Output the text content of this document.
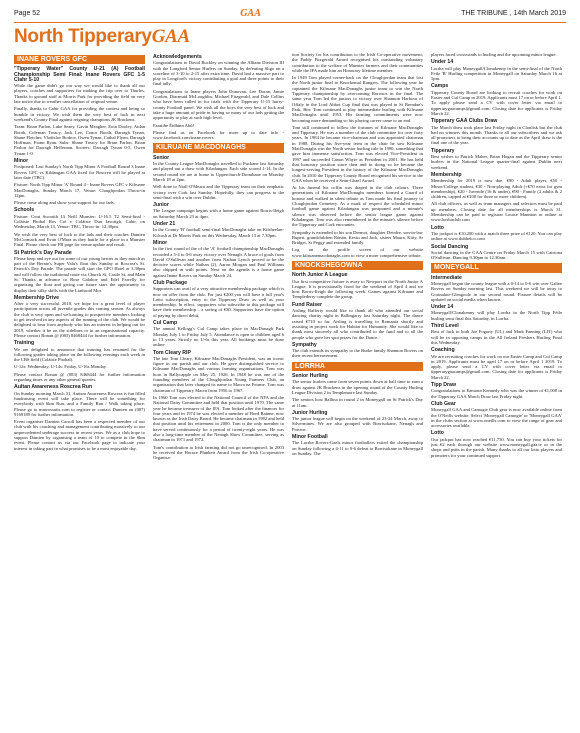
Page 52	GAA	THE TRIBUNE , 14th March 2019
North TipperaryGAA
INANE ROVERS GFC
"Tipperary Water" County U-21 (A) Football Championship Semi Final: Inane Rovers GFC 1-5 Clahr 5-10
While the game didn't go our way we would like to thank all our players, coaches and supporters for making the trip over to Thurles. Thanks to ground staff at Morris Park for providing the field on very late notice due to weather cancellation of original venue.
Finally, thanks to Cahir GAA for providing the contest and being so humble in victory. We wish them the very best of luck in next weekend's County Final against reigning champions JK Brackens.
Team: Brian Parlon, Luke Seaey, Gavin Meagher, Eoin Dooley, Aidan Booth, Coleman Treacy, Jack Lee, Conor Booth, Darragh Tynan, Shane Fletcher, Vladislav Bodrov, Owen Tynan, Cathal Flynn, Darragh Hoffman, Fionn Ryan. Subs: Shane Treacy for Brian Parlon, Brian Parlon for Darragh Heffernan. Scorers: Darragh Tynan 0-5, Owen Tynan 1-0.
Minor
Postponed: Last Sunday's North Tipp Minor A Football Round 3 Inane Rovers GFC vs Kildangan GAA fixed for Roscrea will be played at later date (TBC).
Fixture: North Tipp Minor 'A' Round 4 - Inane Rovers GFC v Kilruane MacDonaghs, Sunday March 17, Venue: Cloughjordan Throw-in 12pm.
Please come along and show your support for our lads.
Schools
Fixture: Cont Scoraith Uí Neill Munster: U-16.5 T2 Semi-final - Coláiste Phobal Ros Cré v Coláiste Dun Iascaigh, Cahir, on Wednesday, March 13, Venue: TBC, Throw-in: 12.30pm.
We wish the very best of luck to the lads and their coaches Damien McCormack and Evan O'Mara as they battle for a place in a Munster Final. Please check our FB page for venue update and result.
St Patrick's Day Parade
Please keep and eye out for some of our young heroes as they march as part of the Bernie's Super Valu's float this Sunday at Roscrea's St. Patrick's Day Parade. The parade will start the GPO Hotel at 3.30pm and will follow the traditional route via Church St, Castle St, and Main St. Thanks in advance to Rose Galahoe and Edel Farrelly for organising the float and giving our future stars the opportunity to display their silky skills with the Liathroid Mor.
Membership Drive
After a very successful 2018, we hope for a great level of player participation across all juvenile grades this coming season. As always the club is very open and welcoming to prospective members looking to get involved in any aspects of the running of the club. We would be delighted to hear from anybody who has an interest in helping out for 2019, whether it be on the sidelines or in an organisational capacity. Please contact Ronan @ (083) 8468444 for further information.
Training
We are delighted to announce that training has resumed for the following grades taking place on the following evenings each week in the CBS field (Coláiste Phobal).
U-12s: Wednesday, U-14s: Friday, U-16s Monday.
Please contact Ronan @ (083) 8468444 for further information regarding times or any other general queries.
Aultan Awareness Roscrea Run
On Sunday morning March 31, Autism Awareness Roscrea is fun filled fundraising event will take place. There will be something for everybody with 6km Run, and a Family Run / Walk taking place. Please go to mrnrossuits.com to register or contact Damien on (087) 9169189 for further information.
Event organiser Damien Carroll has been a respected member of our club with his coaching and management contributing massively to our unprecedented underage success in recent years. We as a club hope to support Damien by organising a team of 10 to compete in the 6km event. Please contact us via our Facebook page to indicate your interest in taking part in what promises to be a most enjoyable day.
Acknowledgements
Congratulations to David Buckley on winning the Allianz Division III with the Longford Senior Hurlers on Sunday, by defeating Sligo on a scoreline of 3-10 to 2-15 after extra time. David had a massive part to play in Longford's victory contributing a goal and three points to their final tally.
Congratulations to Inane players John Donovan, Lee Doran, Jamie Gordon, Diarmuid McLoughlin, Michael Fitzgerald, and Dale Collins who have been called in for trials with the Tipperary U-15 hurry-county Football panel. We wish all the boys the very best of luck and take a huge amount of pride in having so many of our lads getting the opportunity to play at such high level.
Faraithe Éidhinn Abú!
Please find us on Facebook for more up to date info - www.facebook.com/inane.rovers
KILRUANE MACDONAGHS
Senior
In the County League MacDonaghs travelled to Puckane last Saturday and played out a draw with Kiladangan. Each side scored 1-14. In the second round we are at home to Upperchurch-Drombane on Monday March 18 at 2pm.
Well done to Niall O'Meara and the Tipperary team on their emphatic victory over Cork last Sunday. Hopefully, they can progress to the semi-final with a win over Dublin.
Junior
The League campaign begins with a home game against Borris-Ileigh on Saturday March 23 at 4pm.
Under 21
In the County 'B' football semi-final MacDonaghs take on Kilsheelan-Kilcash at Dr Morris Park on this Wednesday, March 13 at 7.30pm.
Minor
In the first round of the of the 'A' football championship MacDonaghs recorded a 5-4 to 0-6 away victory over Nenagh. A brace of goals from David O'Sullivan and another from Nathan Lynch proved to be the decisive scores while Nathan (2), Aaron Morgan and Paul Williams also chipped in with points. Next on the agenda is a home game against Inane Rovers on Sunday March 24.
Club Package
Supporters can avail of a very attractive membership package which is now on offer from the club. For just €200 you will have a full year's Lotto subscription, entry to the Tipperary Draw as well as your membership. In effect, supporters who subscribe to this package will have their membership – a saving of €30. Supporters have the option of paying by direct debit.
Cul Camp
The annual Kellogg's Cul Camp takes place in MacDonagh Park Monday July 1 to Friday July 5. Attendance is open to children aged 6 to 13 years. Strictly no U-6s this year. All bookings must be done online.
Tom Cleary RIP
The late Tom Cleary, Kilruane MacDonaghs President, was an iconic figure in our parish and our club. He gave distinguished service to Kilruane MacDonaghs and various farming organisations. Tom was born in Ballycapple on May 25, 1926. In 1948 he was one of the founding members of the Cloughjordan Young Farmers Club, an organisation that later changed its name to Macra na Feirme. Tom was chairman of Tipperary Macra from 1956 to 1967.
In 1960 Tom was elected to the National Council of the NFA and the National Dairy Committee and held that position until 1970. The same year he became treasurer of the IFA. Tom looked after the finances for four years and in 1974 he was elected a member of Bord Bainne, now known as the Irish Dairy Board. He became chairman in 1982 and held that position until his retirement in 2000. Tom is the only member to have served continuously for a period of twenty-eight years. He was also a long-time member of the Nenagh Show Committee, serving as chairman in 1971 and 1972.
Tom's contribution to Irish farming did not go unrecognised. In 2003 he received the Horace Plunkett Award from the Irish Co-operative Organisa-
tion Society for his contribution to the Irish Co-operative movement; the Paddy Fitzgerald Award recognised his outstanding voluntary contribution to the welfare of Munster farmers and their communities while the IFA made him an Honorary lifetime member.
In 1949 Tom played corner-back on the Cloughjordan team that lost the North junior final to Knockemal Rangers. The following year he captained the Kilruane MacDonaghs junior team to win the North Tipperary championship by overcoming Borrisos in the final. The same year Tom led the juniors to victory over Shannon Harbour of Offaly in the Lord Abbot Cup final that was played in St Brendan's Park, Birr. Tom continued to play intermediate hurling with Kilruane MacDonaghs until 1953. His farming commitments were now becoming more demanding so his playing career came to an end.
Tom still continued to follow the fortunes of Kilruane MacDonaghs and Tipperary. He was a member of the club committee for over forty years. In 1984 he became vice-chairman and was appointed chairman in 1988. During his five-year term in the chair he saw Kilruane MacDonaghs win the North senior hurling title in 1990, something that gave him immense satisfaction. Tom was elected Vice-President in 1997 and succeeded Canon Whyte as President in 2001. He has held that honorary position since then and in doing so he became the longest-serving President in the history of the Kilruane MacDonaghs club. In 2010 the Tipperary County Board recognised his service to the GAA when he received a Seán-Ghael Award.
At his funeral his coffin was draped in the club colours. Three generations of Kilruane MacDonaghs members formed a Guard of honour and walked in silent tribute as Tom made his final journey to Cloughjordan Cemetery. As a mark of respect the scheduled minor football game against Kiladangan was postponed and a minute's silence was observed before the senior league game against Kiladangan. Tom was also remembered in the minute's silence before the Tipperary and Cork encounter.
Sympathy is extended to his son Dermot, daughter Deirdre, son-in-law Rupert, grandchildren Rónán, Kevin and Jack, sisters Maura, Kitty, Sr Bridget, Sr Peggy and extended family.
Log on the profile screen of our website www.kilruanemacdonaghs.com to view a more comprehensive tribute.
KNOCKSHEGOWNA
North Junior A League
Our first competitive fixture is away to Newport in the North Junior A League. It is provisionally fixed for the weekend of April 4 and we host Borris-Ileigh the following week. Games against Kilruane and Templederry complete the group.
Fund Raiser
Aisling Rafferty would like to thank all who attended our social dancing charity night in Ballingarry last Saturday night. The dance raised €710 so far. Aisling is travelling to Romania shortly and assisting in project work for Habitat for Humanity. She would like to thank most sincerely all who contributed to the fund and to all the people who gave her spot prizes for the Dance.
Sympathy
The club extends its sympathy to the Burke family Shannon Rovers on their recent bereavement.
LORRHA
Senior Hurling
The senior hurlers came from seven points down at half time to earn a draw against JK Brackens in the opening round of the County Hurling League Division 2 in Templemore last Sunday.
The seniors host Ballina in round 2 in Moneygall on St Patrick's Day at 11am.
Junior Hurling
The junior league will begin on the weekend of 23-24 March, away to Silvermines. We are also grouped with Borrisokane, Nenagh and Portroe.
Minor Football
The Lorrha Rovers-Gaels minor footballers exited the championship on Sunday following a 4-11 to 0-6 defeat to Borrisokane in Moneygall on Sunday. The
players faced crosswinds to hurling and the upcoming minor league.
Under 14
Lorrha will play Moneygall/Clonakenny in the semi-final of the North Feile 'B' Hurling competition in Moneygall on Saturday March 16 at 5pm.
Camps
Tipperary County Board are looking to recruit coaches for work on Easter and Cul Camp in 2019. Applicants must 17 on or before April 1. To apply please send a CV with cover letter via email to tipperarygaacamps@gmail.com. Closing date for applicants is Friday March 22.
Tipperary GAA Clubs Draw
The March draw took place last Friday night in Clonlisk but the club had no winners this month. Thanks to all our subscribers and we ask all promoters to bring their accounts up to date as the April draw is the final one of the year.
Tipperary
Best wishes to Patrick Maher, Brian Hogan and the Tipperary senior hurlers in the National League quarter-final against Dublin next weekend.
Membership
Membership for 2019 is now due. €90 - Adult player, €50 - Minor/College student, €30 - Non-playing Adult (+€70 extra for gym membership), €20 - Juvenile (16 & under), €90 - Family (2 adults & 2 children, capped at €100 for three or more children).
All club officers, as well as team managers and selectors must be paid up members. Closing date for all memberships is March 31. Membership can be paid to registrar Louise Mannion or online at www.lorrhaclub.com
Lotto
The jackpot is €10,200 with a match three prize of €120. You can play online at www.dubbelco.com
Social Dancing
Social dancing in the GAA Centre on Friday March 15 with Catriona O'Sullivan. Dancing 9.30pm to 12.30am.
MONEYGALL
Intermediate
Moneygall began the county league with a 0-14 to 0-6 win over Galtee Rovers on Sunday morning last. This weekend we will be away to Gortnahoe-Glengoole in our second round. Fixture details will be updated on social media when known.
Under 14
Moneygall/Clonakenny will play Lorrha in the North Tipp Féile hurling semi final this Saturday, in Lorrha.
Third Level
Best of luck to both Joe Fogarty (UL) and Mark Fanning (LIT) who will be in opposing camps in the All Ireland Freshers Hurling Final this Wednesday.
Coaching
We are recruiting coaches for work on our Easter Camp and Cul Camp in 2019. Applicants must be aged 17 on or before April 1 2019. To apply, please send a CV with cover letter via email to tipperarygaacamps@gmail.com. Closing date for applicants is Friday March 22.
Tipp Draw
Congratulations to Eamonn Kennedy who was the winner of €1,000 in the Tipperary GAA March Draw last Friday night.
Club Gear
Moneygall GAA and Camogie Club gear is now available online from the O'Neills website. Select 'Moneygall Camogie' or 'Moneygall GAA' in the clubs section at www.oneills.com to view the range of gear and accessories available.
Lotto
Our jackpot has now reached €11,750. You can buy your tickets for just €2 each through our website www.moneygall.gaa.ie or in the shops and pubs in the parish. Many thanks to all our lotto players and promoters for your continued support.
